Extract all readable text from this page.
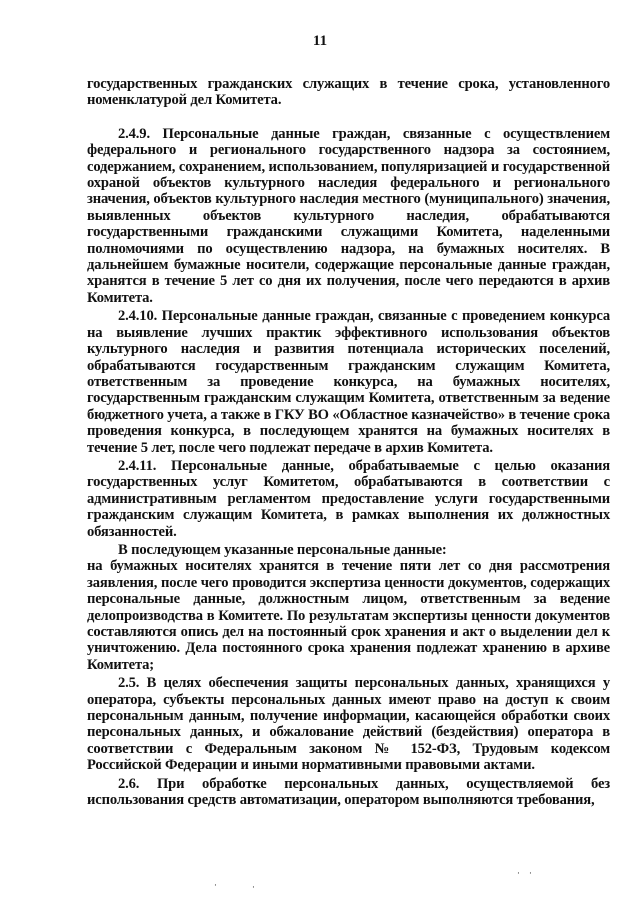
11

государственных гражданских служащих в течение срока, установленного номенклатурой дел Комитета.

2.4.9. Персональные данные граждан, связанные с осуществлением федерального и регионального государственного надзора за состоянием, содержанием, сохранением, использованием, популяризацией и государственной охраной объектов культурного наследия федерального и регионального значения, объектов культурного наследия местного (муниципального) значения, выявленных объектов культурного наследия, обрабатываются государственными гражданскими служащими Комитета, наделенными полномочиями по осуществлению надзора, на бумажных носителях. В дальнейшем бумажные носители, содержащие персональные данные граждан, хранятся в течение 5 лет со дня их получения, после чего передаются в архив Комитета.

2.4.10. Персональные данные граждан, связанные с проведением конкурса на выявление лучших практик эффективного использования объектов культурного наследия и развития потенциала исторических поселений, обрабатываются государственным гражданским служащим Комитета, ответственным за проведение конкурса, на бумажных носителях, государственным гражданским служащим Комитета, ответственным за ведение бюджетного учета, а также в ГКУ ВО «Областное казначейство» в течение срока проведения конкурса, в последующем хранятся на бумажных носителях в течение 5 лет, после чего подлежат передаче в архив Комитета.

2.4.11. Персональные данные, обрабатываемые с целью оказания государственных услуг Комитетом, обрабатываются в соответствии с административным регламентом предоставление услуги государственными гражданским служащим Комитета, в рамках выполнения их должностных обязанностей.

В последующем указанные персональные данные:

на бумажных носителях хранятся в течение пяти лет со дня рассмотрения заявления, после чего проводится экспертиза ценности документов, содержащих персональные данные, должностным лицом, ответственным за ведение делопроизводства в Комитете. По результатам экспертизы ценности документов составляются опись дел на постоянный срок хранения и акт о выделении дел к уничтожению. Дела постоянного срока хранения подлежат хранению в архиве Комитета;

2.5. В целях обеспечения защиты персональных данных, хранящихся у оператора, субъекты персональных данных имеют право на доступ к своим персональным данным, получение информации, касающейся обработки своих персональных данных, и обжалование действий (бездействия) оператора в соответствии с Федеральным законом № 152-ФЗ, Трудовым кодексом Российской Федерации и иными нормативными правовыми актами.

2.6. При обработке персональных данных, осуществляемой без использования средств автоматизации, оператором выполняются требования,

·	·
· ·
